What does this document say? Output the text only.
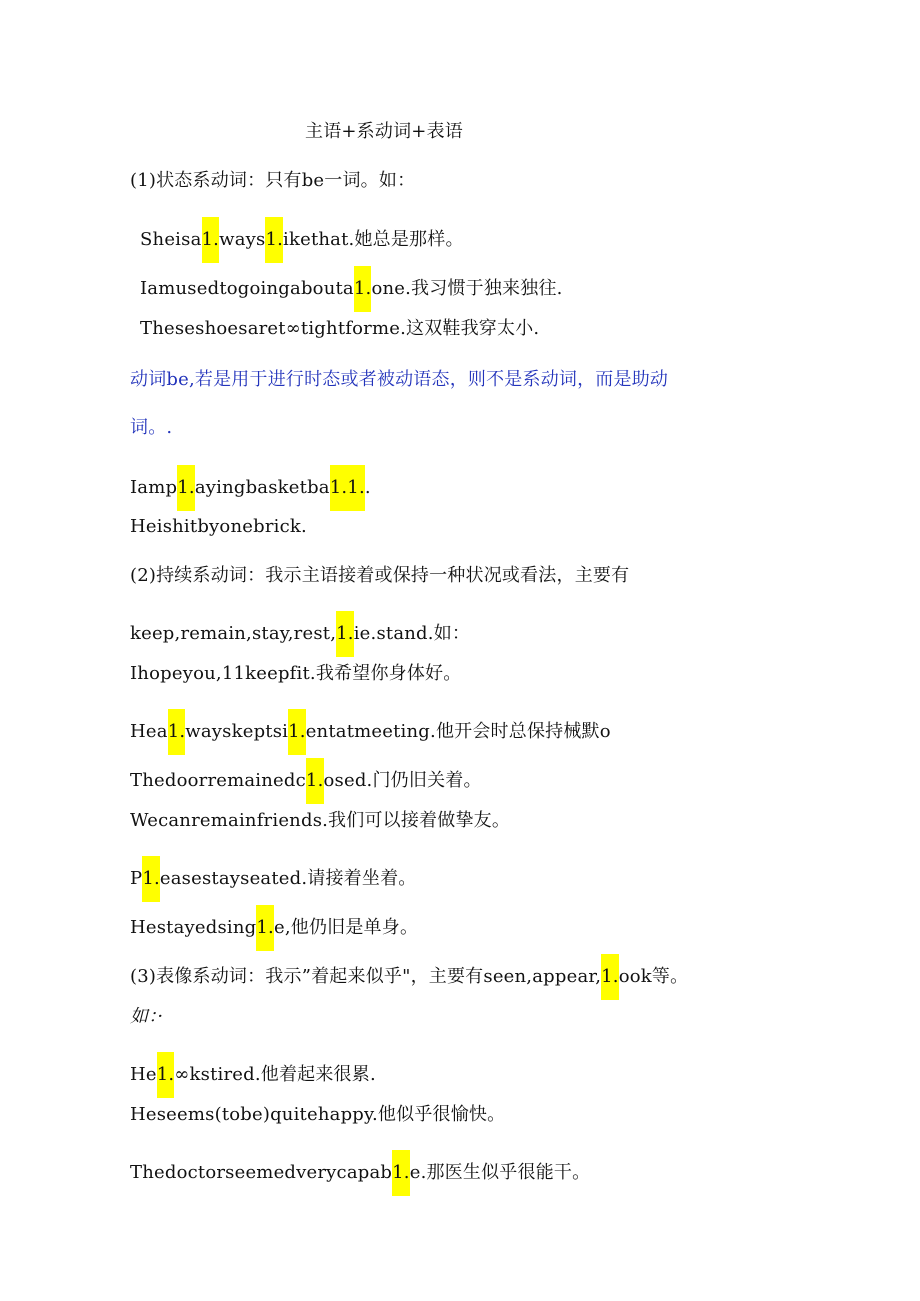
主语+系动词+表语
(1)状态系动词：只有be一词。如：
Sheisa1.ways1.ikethat.她总是那样。
Iamusedtogoingabouta1.one.我习惯于独来独往.
Theseshoesaret∞tightforme.这双鞋我穿太小.
动词be,若是用于进行时态或者被动语态，则不是系动词，而是助动
词。.
Iamp1.ayingbasketba1.1..
Heishitbyonebrick.
(2)持续系动词：我示主语接着或保持一种状况或看法，主要有
keep,remain,stay,rest,1.ie.stand.如：
Ihopeyou,11keepfit.我希望你身体好。
Hea1.wayskeptsi1.entatmeeting.他开会时总保持械默o
Thedoorremainedc1.osed.门仍旧关着。
Wecanremainfriends.我们可以接着做挚友。
P1.easestayseated.请接着坐着。
Hestayedsing1.e,他仍旧是单身。
(3)表像系动词：我示”着起来似乎"，主要有seen,appear,1.ook等。
如：·
He1.∞kstired.他着起来很累.
Heseems(tobe)quitehappy.他似乎很愉快。
Thedoctorseemedverycapab1.e.那医生似乎很能干。
